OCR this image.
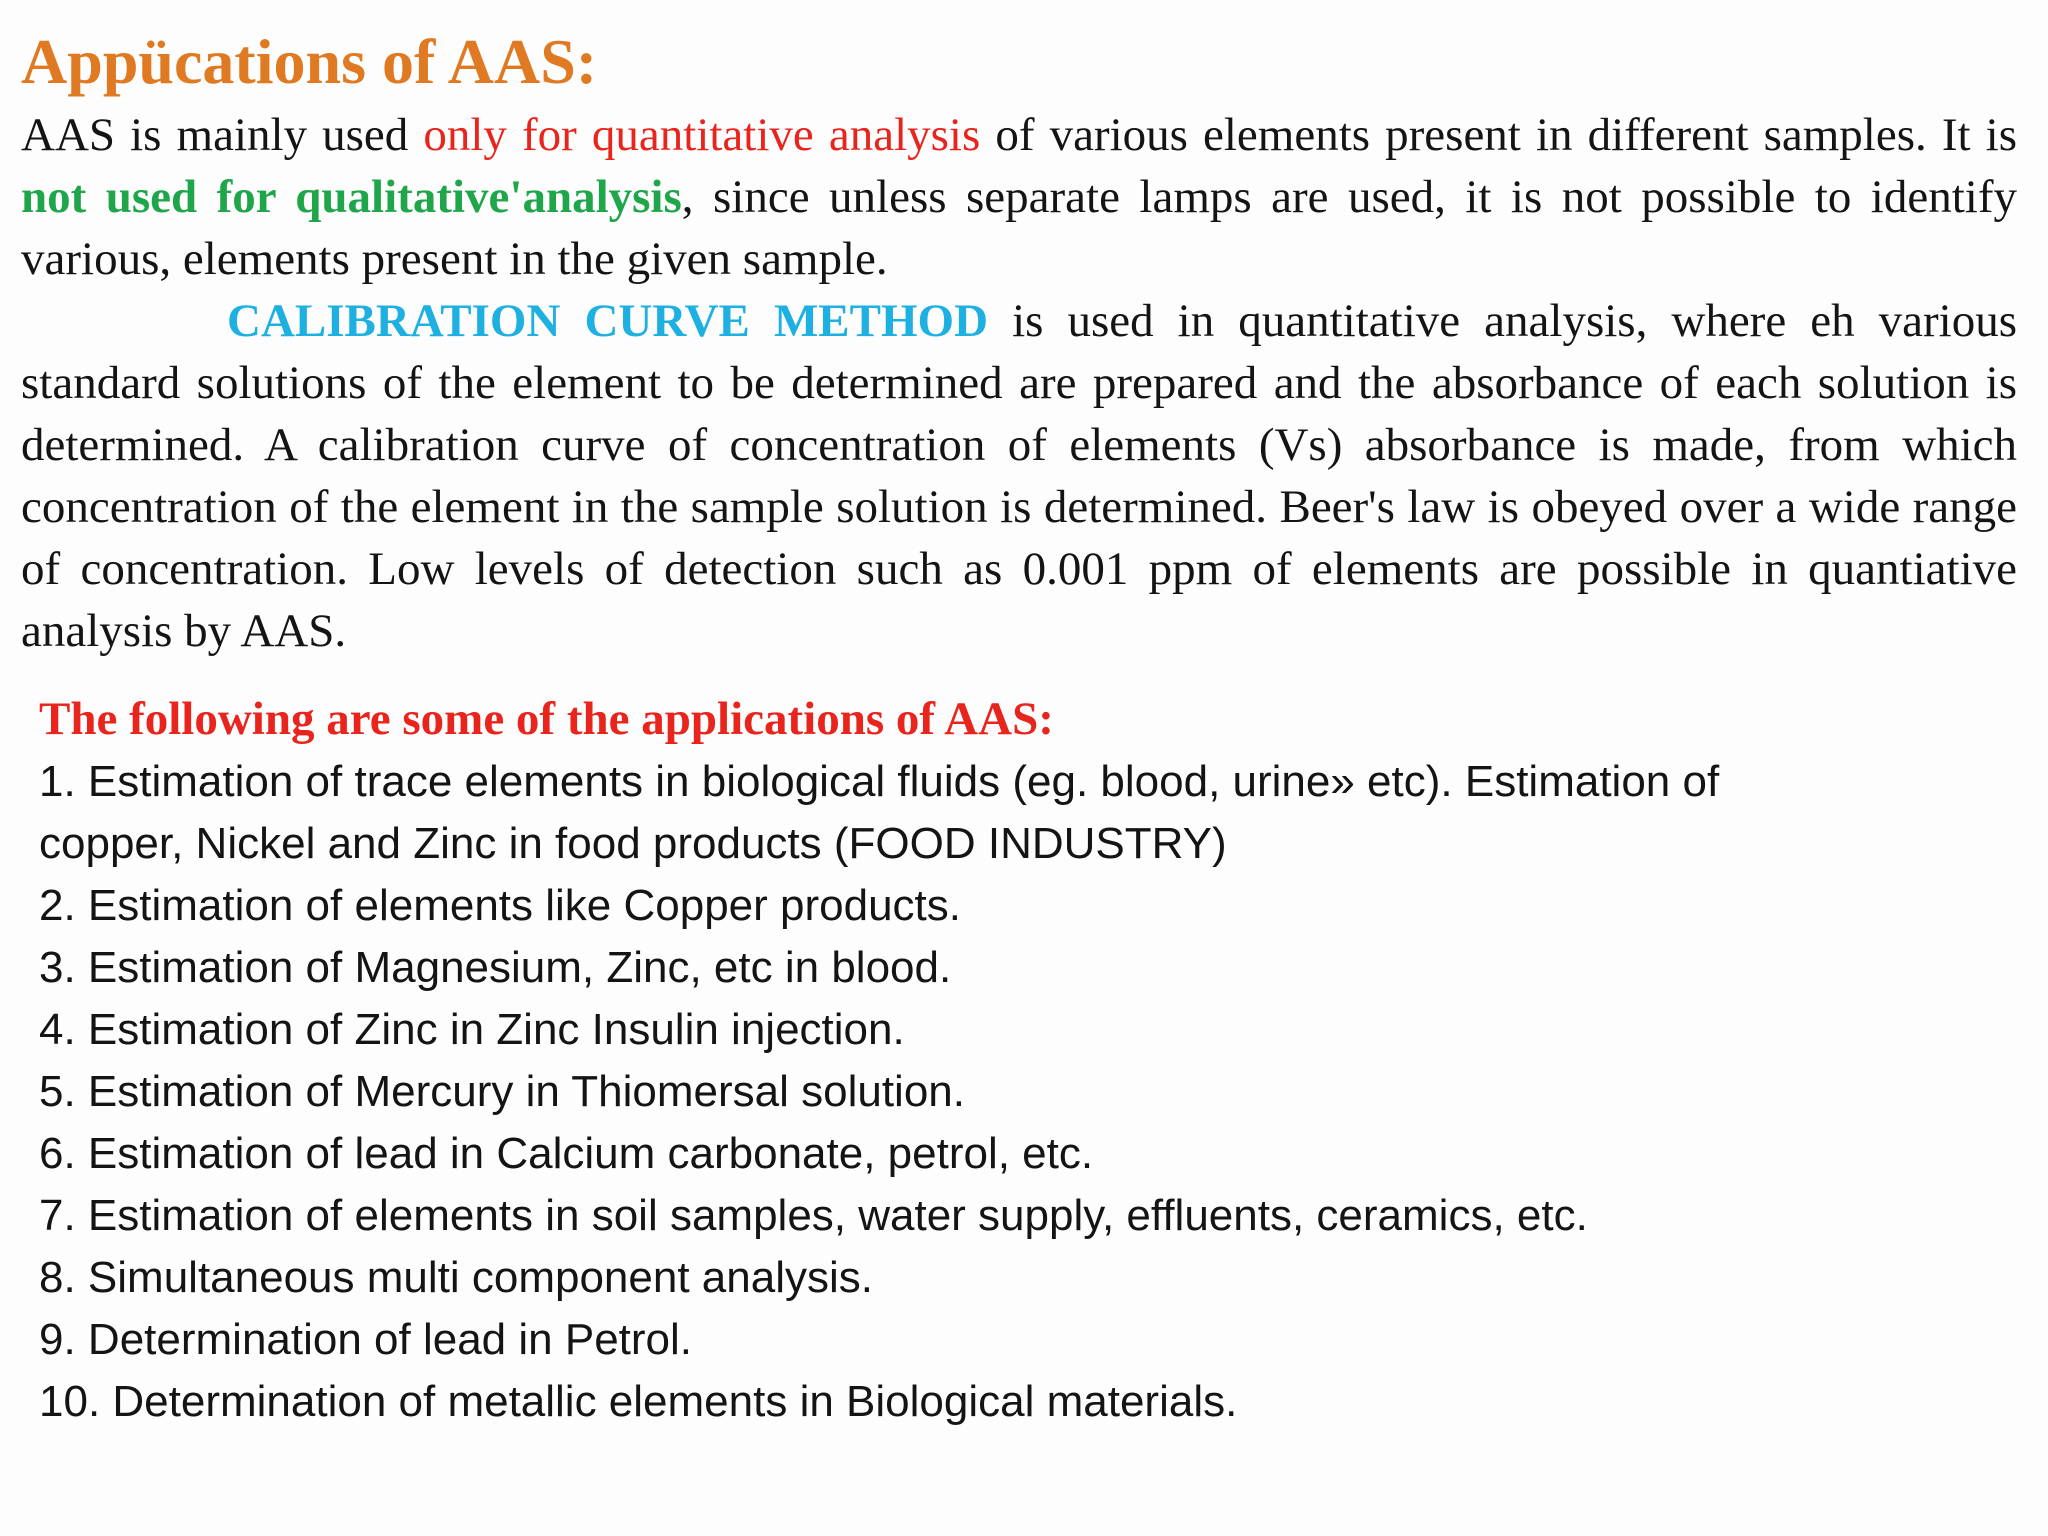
Appücations of AAS:

AAS is mainly used only for quantitative analysis of various elements present in different samples. It is not used for qualitative'analysis, since unless separate lamps are used, it is not possible to identify various, elements present in the given sample.

CALIBRATION CURVE METHOD is used in quantitative analysis, where eh various standard solutions of the element to be determined are prepared and the absorbance of each solution is determined. A calibration curve of concentration of elements (Vs) absorbance is made, from which concentration of the element in the sample solution is determined. Beer's law is obeyed over a wide range of concentration. Low levels of detection such as 0.001 ppm of elements are possible in quantiative analysis by AAS.

The following are some of the applications of AAS:
1. Estimation of trace elements in biological fluids (eg. blood, urine» etc). Estimation of
copper, Nickel and Zinc in food products (FOOD INDUSTRY)
2. Estimation of elements like Copper products.
3. Estimation of Magnesium, Zinc, etc in blood.
4. Estimation of Zinc in Zinc Insulin injection.
5. Estimation of Mercury in Thiomersal solution.
6. Estimation of lead in Calcium carbonate, petrol, etc.
7. Estimation of elements in soil samples, water supply, effluents, ceramics, etc.
8. Simultaneous multi component analysis.
9. Determination of lead in Petrol.
10. Determination of metallic elements in Biological materials.
